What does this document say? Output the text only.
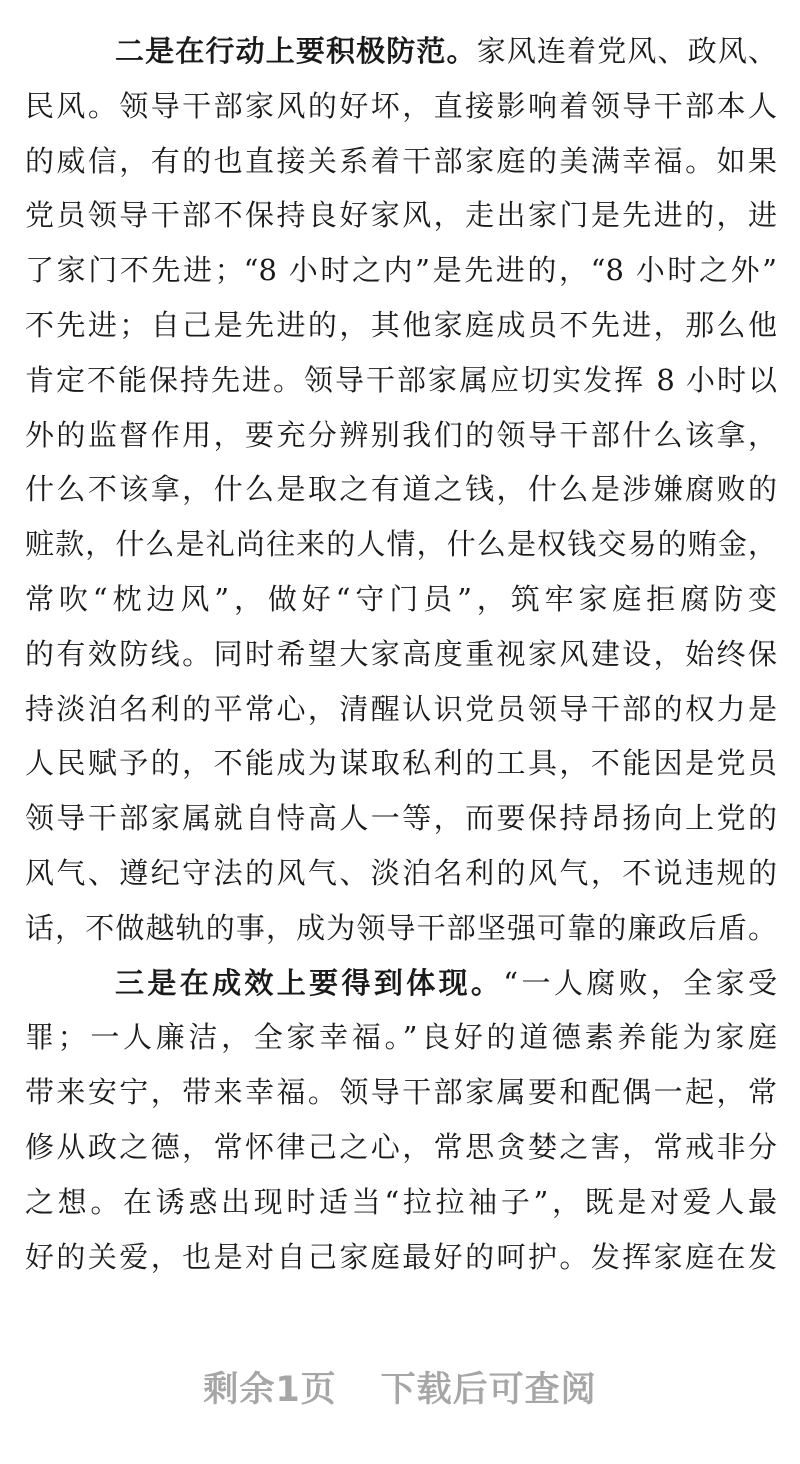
二是在行动上要积极防范。家风连着党风、政风、
民风。领导干部家风的好坏，直接影响着领导干部本人
的威信，有的也直接关系着干部家庭的美满幸福。如果
党员领导干部不保持良好家风，走出家门是先进的，进
了家门不先进；“8 小时之内”是先进的，“8 小时之外”
不先进；自己是先进的，其他家庭成员不先进，那么他
肯定不能保持先进。领导干部家属应切实发挥 8 小时以
外的监督作用，要充分辨别我们的领导干部什么该拿，
什么不该拿，什么是取之有道之钱，什么是涉嫌腐败的
赃款，什么是礼尚往来的人情，什么是权钱交易的贿金，
常吹“枕边风”，做好“守门员”，筑牢家庭拒腐防变
的有效防线。同时希望大家高度重视家风建设，始终保
持淡泊名利的平常心，清醒认识党员领导干部的权力是
人民赋予的，不能成为谋取私利的工具，不能因是党员
领导干部家属就自恃高人一等，而要保持昂扬向上党的
风气、遵纪守法的风气、淡泊名利的风气，不说违规的
话，不做越轨的事，成为领导干部坚强可靠的廉政后盾。
三是在成效上要得到体现。“一人腐败，全家受
罪；一人廉洁，全家幸福。”良好的道德素养能为家庭
带来安宁，带来幸福。领导干部家属要和配偶一起，常
修从政之德，常怀律己之心，常思贪婪之害，常戒非分
之想。在诱惑出现时适当“拉拉袖子”，既是对爱人最
好的关爱，也是对自己家庭最好的呵护。发挥家庭在发
剩余1页 下载后可查阅
